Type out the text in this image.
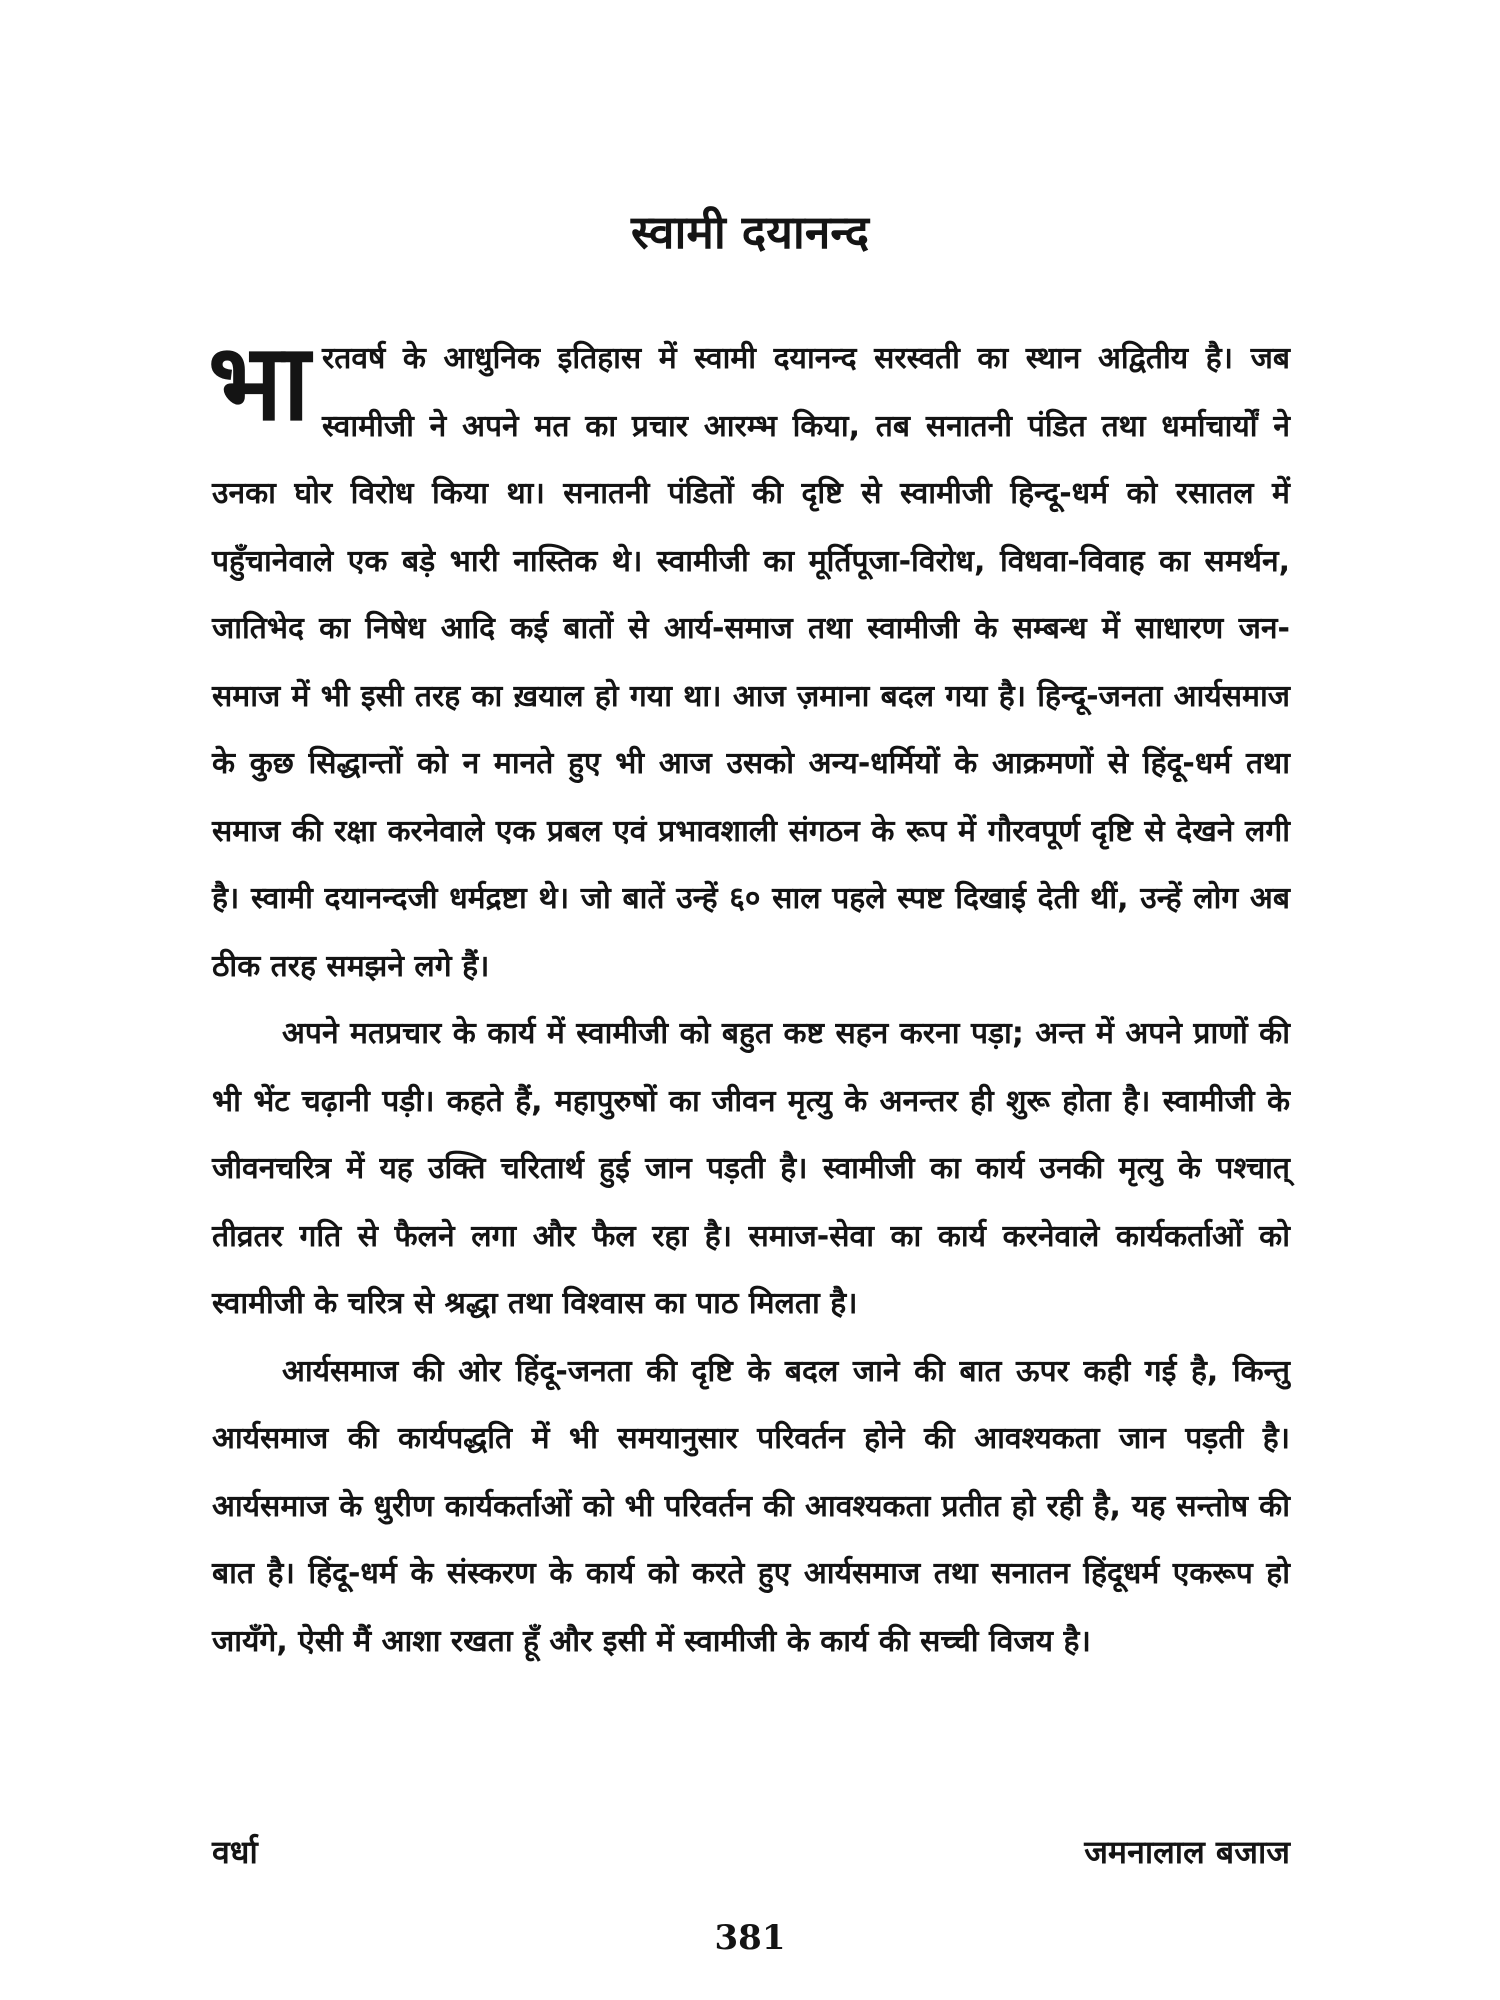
स्वामी दयानन्द

भारतवर्ष के आधुनिक इतिहास में स्वामी दयानन्द सरस्वती का स्थान अद्वितीय है। जब स्वामीजी ने अपने मत का प्रचार आरम्भ किया, तब सनातनी पंडित तथा धर्माचार्यों ने उनका घोर विरोध किया था। सनातनी पंडितों की दृष्टि से स्वामीजी हिन्दू-धर्म को रसातल में पहुँचानेवाले एक बड़े भारी नास्तिक थे। स्वामीजी का मूर्तिपूजा-विरोध, विधवा-विवाह का समर्थन, जातिभेद का निषेध आदि कई बातों से आर्य-समाज तथा स्वामीजी के सम्बन्ध में साधारण जन-समाज में भी इसी तरह का ख़याल हो गया था। आज ज़माना बदल गया है। हिन्दू-जनता आर्यसमाज के कुछ सिद्धान्तों को न मानते हुए भी आज उसको अन्य-धर्मियों के आक्रमणों से हिंदू-धर्म तथा समाज की रक्षा करनेवाले एक प्रबल एवं प्रभावशाली संगठन के रूप में गौरवपूर्ण दृष्टि से देखने लगी है। स्वामी दयानन्दजी धर्मद्रष्टा थे। जो बातें उन्हें ६० साल पहले स्पष्ट दिखाई देती थीं, उन्हें लोग अब ठीक तरह समझने लगे हैं।

अपने मतप्रचार के कार्य में स्वामीजी को बहुत कष्ट सहन करना पड़ा; अन्त में अपने प्राणों की भी भेंट चढ़ानी पड़ी। कहते हैं, महापुरुषों का जीवन मृत्यु के अनन्तर ही शुरू होता है। स्वामीजी के जीवनचरित्र में यह उक्ति चरितार्थ हुई जान पड़ती है। स्वामीजी का कार्य उनकी मृत्यु के पश्चात् तीव्रतर गति से फैलने लगा और फैल रहा है। समाज-सेवा का कार्य करनेवाले कार्यकर्ताओं को स्वामीजी के चरित्र से श्रद्धा तथा विश्वास का पाठ मिलता है।

आर्यसमाज की ओर हिंदू-जनता की दृष्टि के बदल जाने की बात ऊपर कही गई है, किन्तु आर्यसमाज की कार्यपद्धति में भी समयानुसार परिवर्तन होने की आवश्यकता जान पड़ती है। आर्यसमाज के धुरीण कार्यकर्ताओं को भी परिवर्तन की आवश्यकता प्रतीत हो रही है, यह सन्तोष की बात है। हिंदू-धर्म के संस्करण के कार्य को करते हुए आर्यसमाज तथा सनातन हिंदूधर्म एकरूप हो जायँगे, ऐसी मैं आशा रखता हूँ और इसी में स्वामीजी के कार्य की सच्ची विजय है।

वर्धा	जमनालाल बजाज
381
